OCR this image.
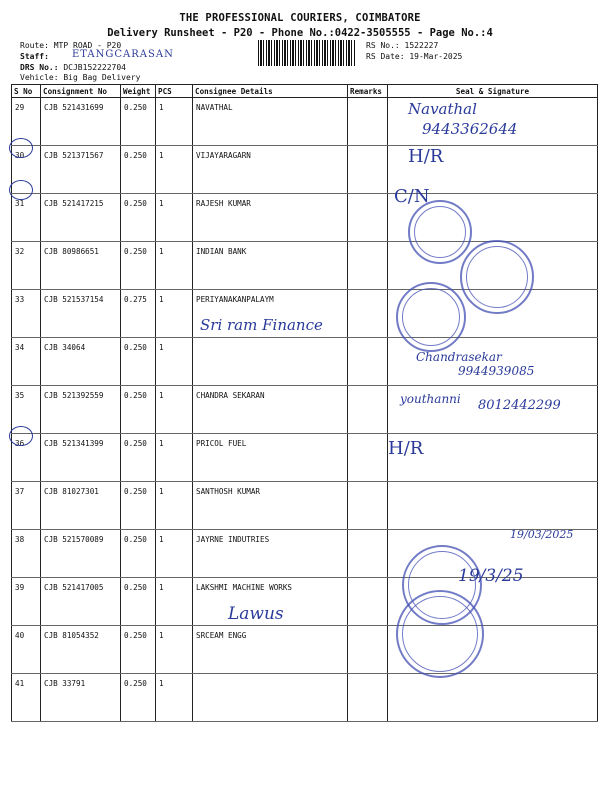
THE PROFESSIONAL COURIERS, COIMBATORE
Delivery Runsheet - P20 - Phone No.:0422-3505555 - Page No.:4
Route: MTP ROAD - P20
Staff: ETANGCARASAN
DRS No.: DCJB152222704
Vehicle: Big Bag Delivery
RS No.: 1522227
RS Date: 19-Mar-2025
S No	Consignment No	Weight	PCS	Consignee Details	Remarks	Seal & Signature
29	CJB 521431699	0.250	1	NAVATHAL		
30	CJB 521371567	0.250	1	VIJAYARAGARN		
31	CJB 521417215	0.250	1	RAJESH KUMAR		
32	CJB 80986651	0.250	1	INDIAN BANK		
33	CJB 521537154	0.275	1	PERIYANAKANPALAYM		
34	CJB 34064	0.250	1			
35	CJB 521392559	0.250	1	CHANDRA SEKARAN		
36	CJB 521341399	0.250	1	PRICOL FUEL		
37	CJB 81027301	0.250	1	SANTHOSH KUMAR		
38	CJB 521570089	0.250	1	JAYRNE INDUTRIES		
39	CJB 521417005	0.250	1	LAKSHMI MACHINE WORKS		
40	CJB 81054352	0.250	1	SRCEAM ENGG		
41	CJB 33791	0.250	1			
Navathal
9443362644
H/R
C/N
Sri ram Finance
Chandrasekar
9944939085
youthanni 8012442299
H/R
19/03/2025
19/3/25
Lawus
